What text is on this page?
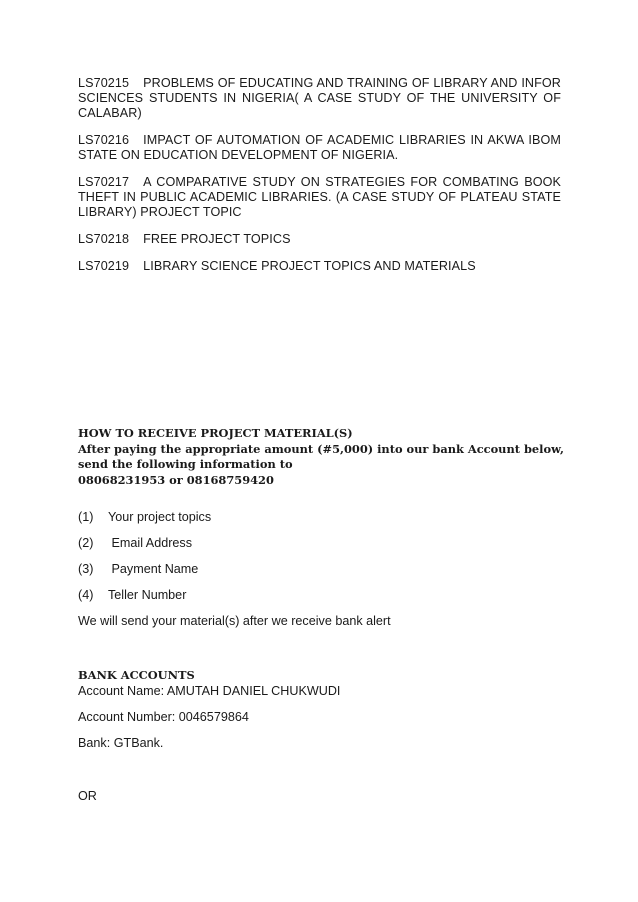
LS70215 PROBLEMS OF EDUCATING AND TRAINING OF LIBRARY AND INFOR SCIENCES STUDENTS IN NIGERIA( A CASE STUDY OF THE UNIVERSITY OF CALABAR)

LS70216 IMPACT OF AUTOMATION OF ACADEMIC LIBRARIES IN AKWA IBOM STATE ON EDUCATION DEVELOPMENT OF NIGERIA.

LS70217 A COMPARATIVE STUDY ON STRATEGIES FOR COMBATING BOOK THEFT IN PUBLIC ACADEMIC LIBRARIES. (A CASE STUDY OF PLATEAU STATE LIBRARY) PROJECT TOPIC

LS70218 FREE PROJECT TOPICS

LS70219 LIBRARY SCIENCE PROJECT TOPICS AND MATERIALS

HOW TO RECEIVE PROJECT MATERIAL(S)
After paying the appropriate amount (#5,000) into our bank Account below, send the following information to
08068231953 or 08168759420

(1) Your project topics

(2) Email Address

(3) Payment Name

(4) Teller Number

We will send your material(s) after we receive bank alert

BANK ACCOUNTS

Account Name: AMUTAH DANIEL CHUKWUDI

Account Number: 0046579864

Bank: GTBank.

OR
